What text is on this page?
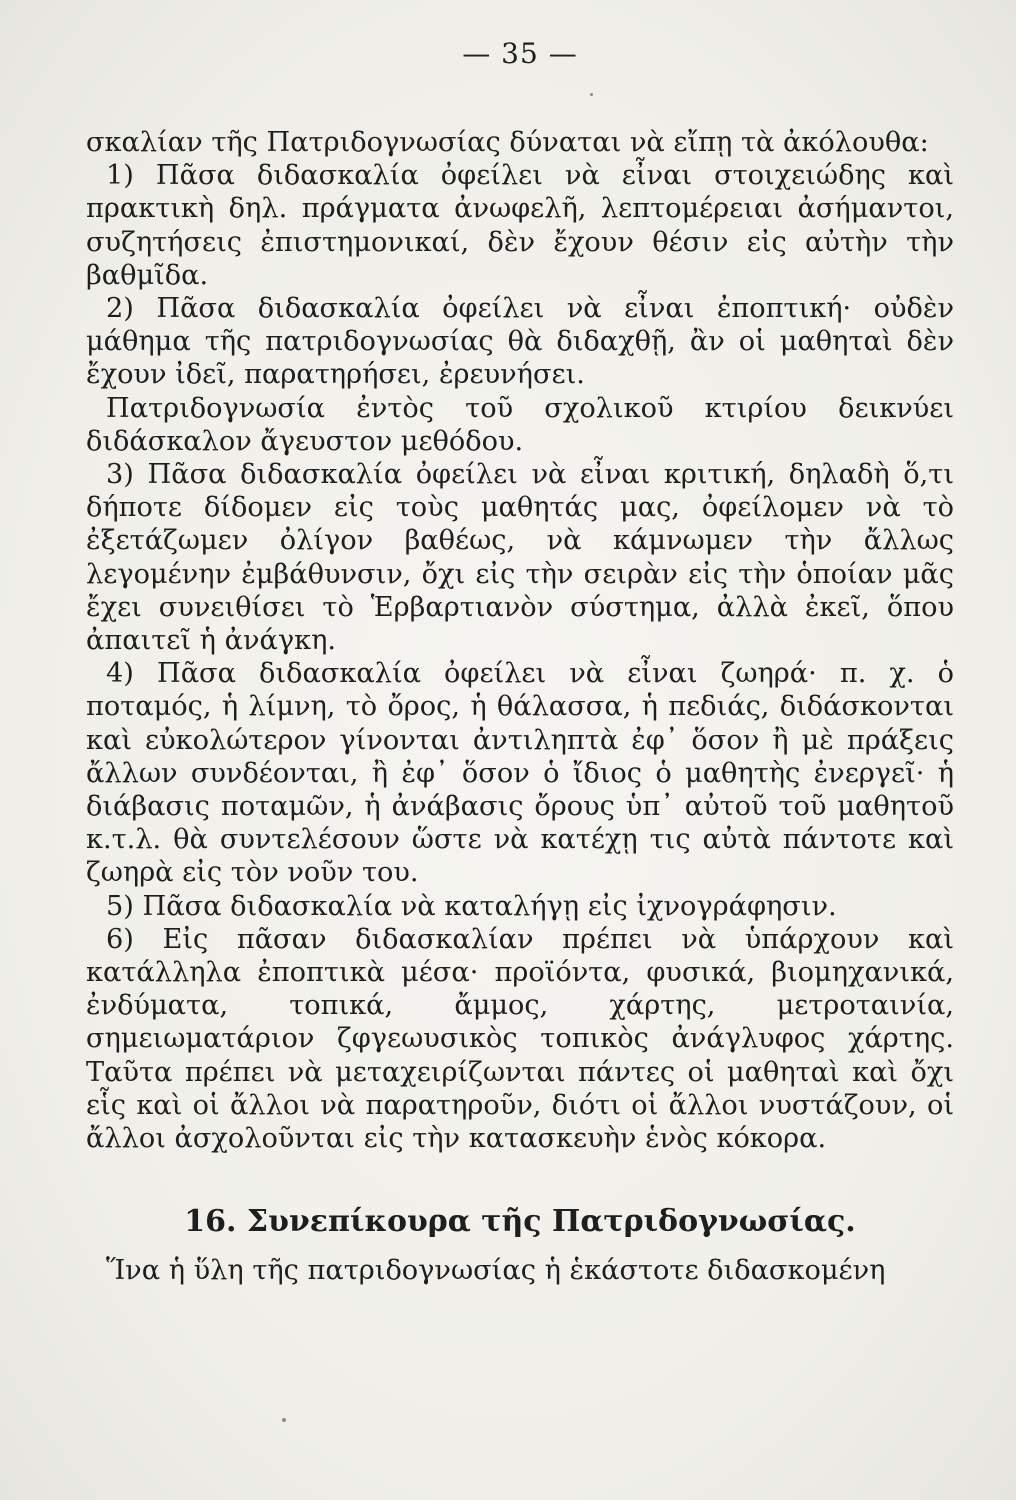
— 35 —

σκαλίαν τῆς Πατριδογνωσίας δύναται νὰ εἴπῃ τὰ ἀκόλουθα:

1) Πᾶσα διδασκαλία ὀφείλει νὰ εἶναι στοιχειώδης καὶ πρακτικὴ δηλ. πράγματα ἀνωφελῆ, λεπτομέρειαι ἀσήμαντοι, συζητήσεις ἐπιστημονικαί, δὲν ἔχουν θέσιν εἰς αὐτὴν τὴν βαθμῖδα.

2) Πᾶσα διδασκαλία ὀφείλει νὰ εἶναι ἐποπτική· οὐδὲν μάθημα τῆς πατριδογνωσίας θὰ διδαχθῇ, ἂν οἱ μαθηταὶ δὲν ἔχουν ἰδεῖ, παρατηρήσει, ἐρευνήσει.

Πατριδογνωσία ἐντὸς τοῦ σχολικοῦ κτιρίου δεικνύει διδάσκαλον ἄγευστον μεθόδου.

3) Πᾶσα διδασκαλία ὀφείλει νὰ εἶναι κριτική, δηλαδὴ ὅ,τι δήποτε δίδομεν εἰς τοὺς μαθητάς μας, ὀφείλομεν νὰ τὸ ἐξετάζωμεν ὀλίγον βαθέως, νὰ κάμνωμεν τὴν ἄλλως λεγομένην ἐμβάθυνσιν, ὄχι εἰς τὴν σειρὰν εἰς τὴν ὁποίαν μᾶς ἔχει συνειθίσει τὸ Ἑρβαρτιανὸν σύστημα, ἀλλὰ ἐκεῖ, ὅπου ἀπαιτεῖ ἡ ἀνάγκη.

4) Πᾶσα διδασκαλία ὀφείλει νὰ εἶναι ζωηρά· π. χ. ὁ ποταμός, ἡ λίμνη, τὸ ὄρος, ἡ θάλασσα, ἡ πεδιάς, διδάσκονται καὶ εὐκολώτερον γίνονται ἀντιληπτὰ ἐφ᾽ ὅσον ἢ μὲ πράξεις ἄλλων συνδέονται, ἢ ἐφ᾽ ὅσον ὁ ἴδιος ὁ μαθητὴς ἐνεργεῖ· ἡ διάβασις ποταμῶν, ἡ ἀνάβασις ὄρους ὑπ᾽ αὐτοῦ τοῦ μαθητοῦ κ.τ.λ. θὰ συντελέσουν ὥστε νὰ κατέχῃ τις αὐτὰ πάντοτε καὶ ζωηρὰ εἰς τὸν νοῦν του.

5) Πᾶσα διδασκαλία νὰ καταλήγῃ εἰς ἰχνογράφησιν.

6) Εἰς πᾶσαν διδασκαλίαν πρέπει νὰ ὑπάρχουν καὶ κατάλληλα ἐποπτικὰ μέσα· προϊόντα, φυσικά, βιομηχανικά, ἐνδύματα, τοπικά, ἄμμος, χάρτης, μετροταινία, σημειωματάριον ζφγεωυσικὸς τοπικὸς ἀνάγλυφος χάρτης. Ταῦτα πρέπει νὰ μεταχειρίζωνται πάντες οἱ μαθηταὶ καὶ ὄχι εἷς καὶ οἱ ἄλλοι νὰ παρατηροῦν, διότι οἱ ἄλλοι νυστάζουν, οἱ ἄλλοι ἀσχολοῦνται εἰς τὴν κατασκευὴν ἑνὸς κόκορα.

16. Συνεπίκουρα τῆς Πατριδογνωσίας.

Ἵνα ἡ ὕλη τῆς πατριδογνωσίας ἡ ἑκάστοτε διδασκομένη
